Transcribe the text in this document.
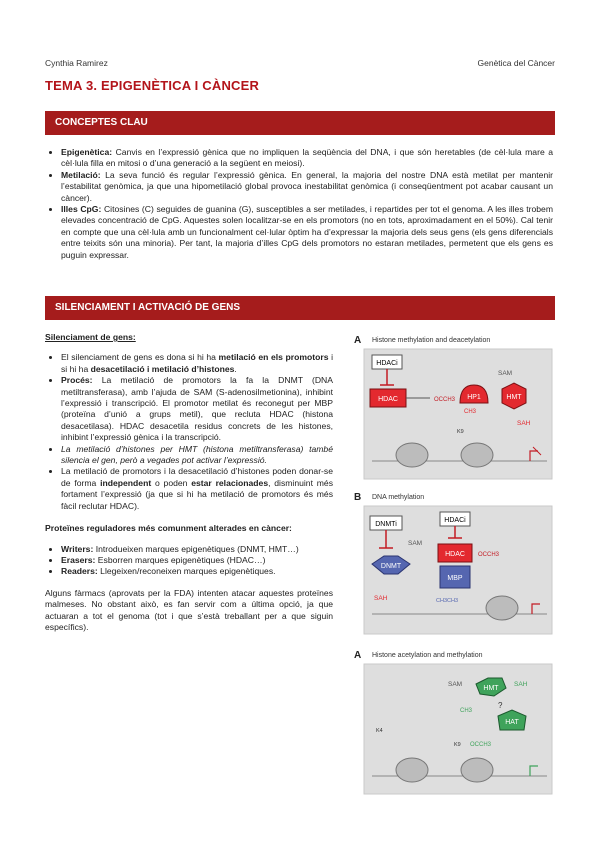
Cynthia Ramirez	Genètica del Càncer
TEMA 3. EPIGENÈTICA I CÀNCER
CONCEPTES CLAU
• Epigenètica: Canvis en l’expressió gènica que no impliquen la seqüència del DNA, i que són heretables (de cèl·lula mare a cèl·lula filla en mitosi o d’una generació a la següent en meiosi).
• Metilació: La seva funció és regular l’expressió gènica. En general, la majoria del nostre DNA està metilat per mantenir l’estabilitat genòmica, ja que una hipometilació global provoca inestabilitat genòmica (i conseqüentment pot acabar causant un càncer).
• Illes CpG: Citosines (C) seguides de guanina (G), susceptibles a ser metilades, i repartides per tot el genoma. A les illes trobem elevades concentració de CpG. Aquestes solen localitzar-se en els promotors (no en tots, aproximadament en el 50%). Cal tenir en compte que una cèl·lula amb un funcionalment cel·lular òptim ha d’expressar la majoria dels seus gens (els gens diferencials entre teixits són una minoria). Per tant, la majoria d’illes CpG dels promotors no estaran metilades, permetent que els gens es puguin expressar.
SILENCIAMENT I ACTIVACIÓ DE GENS
Silenciament de gens:
• El silenciament de gens es dona si hi ha metilació en els promotors i si hi ha desacetilació i metilació d’histones.
• Procés: La metilació de promotors la fa la DNMT (DNA metiltransferasa), amb l’ajuda de SAM (S-adenosilmetionina), inhibint l’expressió i transcripció. El promotor metilat és reconegut per MBP (proteïna d’unió a grups metil), que recluta HDAC (histona desacetilasa). HDAC desacetila residus concrets de les histones, inhibint l’expressió gènica i la transcripció.
• La metilació d’histones per HMT (histona metiltransferasa) també silencia el gen, però a vegades pot activar l’expressió.
• La metilació de promotors i la desacetilació d’histones poden donar-se de forma independent o poden estar relacionades, disminuint més fortament l’expressió (ja que si hi ha metilació de promotors és més fàcil reclutar HDAC).
Proteïnes reguladores més comunment alterades en càncer:
• Writers: Introdueixen marques epigenètiques (DNMT, HMT…)
• Erasers: Esborren marques epigenètiques (HDAC…)
• Readers: Llegeixen/reconeixen marques epigenètiques.
Alguns fàrmacs (aprovats per la FDA) intenten atacar aquestes proteïnes malmeses. No obstant això, es fan servir com a última opció, ja que actuaran a tot el genoma (tot i que s’està treballant per a que siguin específics).
A Histone methylation and deacetylation
HDACi
HDAC	OCCH3 HP1
SAM
HMT
SAH
CH3
K9
B DNA methylation
DNMTi
HDACi
SAM
DNMT
SAH
HDAC OCCH3
MBP
CH3CH3
A Histone acetylation and methylation
SAM
HMT
SAH
CH3
?
HAT
K9 OCCH3
K4
